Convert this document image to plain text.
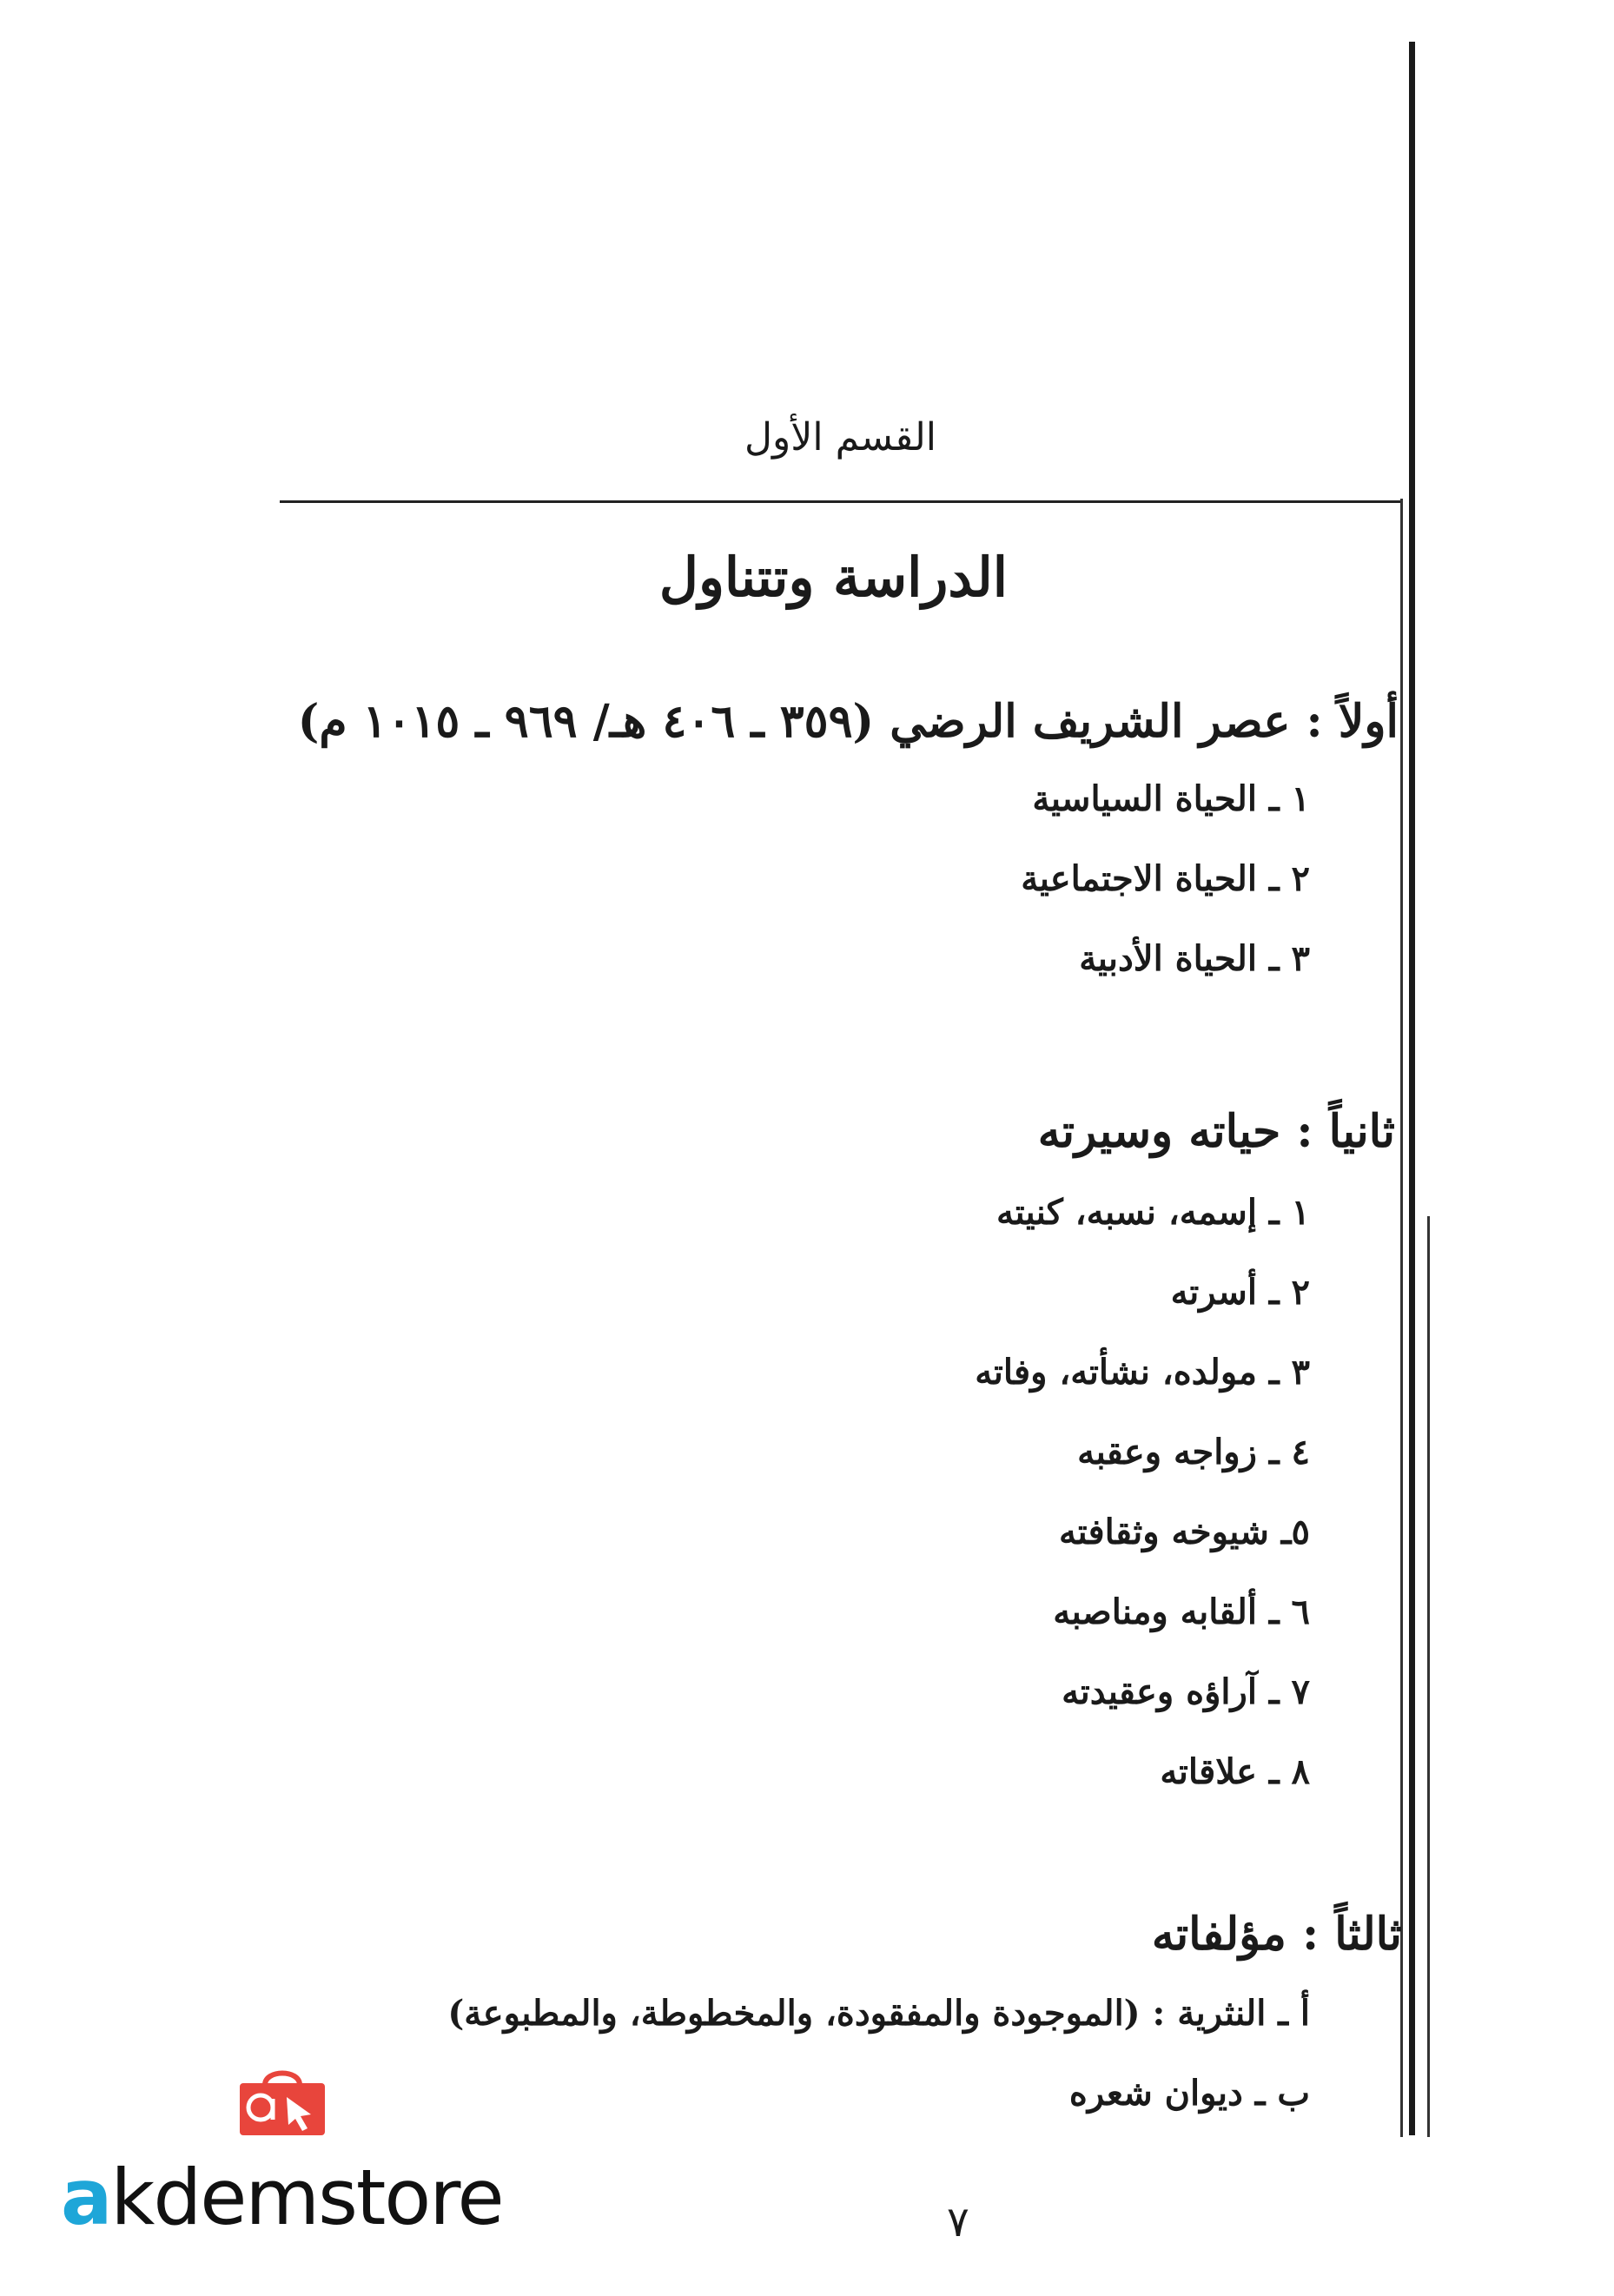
القسم الأول
الدراسة وتتناول
أولاً : عصر الشريف الرضي (٣٥٩ ـ ٤٠٦ هـ/ ٩٦٩ ـ ١٠١٥ م)
١ ـ الحياة السياسية
٢ ـ الحياة الاجتماعية
٣ ـ الحياة الأدبية
ثانياً : حياته وسيرته
١ ـ إسمه، نسبه، كنيته
٢ ـ أسرته
٣ ـ مولده، نشأته، وفاته
٤ ـ زواجه وعقبه
٥ـ شيوخه وثقافته
٦ ـ ألقابه ومناصبه
٧ ـ آراؤه وعقيدته
٨ ـ علاقاته
ثالثاً : مؤلفاته
أ ـ النثرية : (الموجودة والمفقودة، والمخطوطة، والمطبوعة)
ب ـ ديوان شعره
٧
akdemstore
